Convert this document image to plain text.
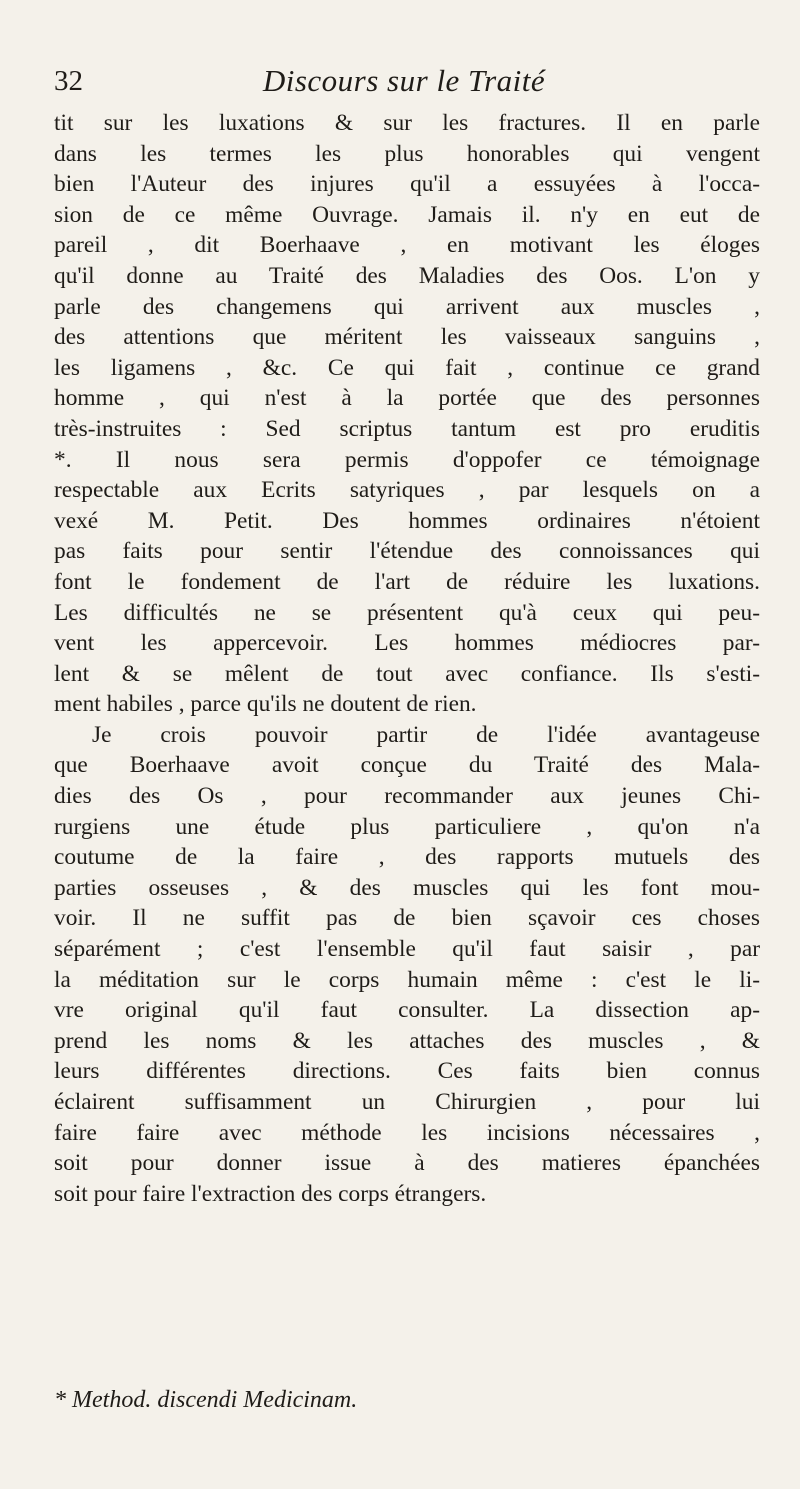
32	Discours sur le Traité
tit sur les luxations & sur les fractures. Il en parle
dans les termes les plus honorables qui vengent
bien l'Auteur des injures qu'il a essuyées à l'occa-
sion de ce même Ouvrage. Jamais il. n'y en eut de
pareil , dit Boerhaave , en motivant les éloges
qu'il donne au Traité des Maladies des Oos. L'on y
parle des changemens qui arrivent aux muscles ,
des attentions que méritent les vaisseaux sanguins ,
les ligamens , &c. Ce qui fait , continue ce grand
homme , qui n'est à la portée que des personnes
très-instruites : Sed scriptus tantum est pro eruditis
*. Il nous sera permis d'oppofer ce témoignage
respectable aux Ecrits satyriques , par lesquels on a
vexé M. Petit. Des hommes ordinaires n'étoient
pas faits pour sentir l'étendue des connoissances qui
font le fondement de l'art de réduire les luxations.
Les difficultés ne se présentent qu'à ceux qui peu-
vent les appercevoir. Les hommes médiocres par-
lent & se mêlent de tout avec confiance. Ils s'esti-
ment habiles , parce qu'ils ne doutent de rien.
Je crois pouvoir partir de l'idée avantageuse
que Boerhaave avoit conçue du Traité des Mala-
dies des Os , pour recommander aux jeunes Chi-
rurgiens une étude plus particuliere , qu'on n'a
coutume de la faire , des rapports mutuels des
parties osseuses , & des muscles qui les font mou-
voir. Il ne suffit pas de bien sçavoir ces choses
séparément ; c'est l'ensemble qu'il faut saisir , par
la méditation sur le corps humain même : c'est le li-
vre original qu'il faut consulter. La dissection ap-
prend les noms & les attaches des muscles , &
leurs différentes directions. Ces faits bien connus
éclairent suffisamment un Chirurgien , pour lui
faire faire avec méthode les incisions nécessaires ,
soit pour donner issue à des matieres épanchées
soit pour faire l'extraction des corps étrangers.
* Method. discendi Medicinam.
